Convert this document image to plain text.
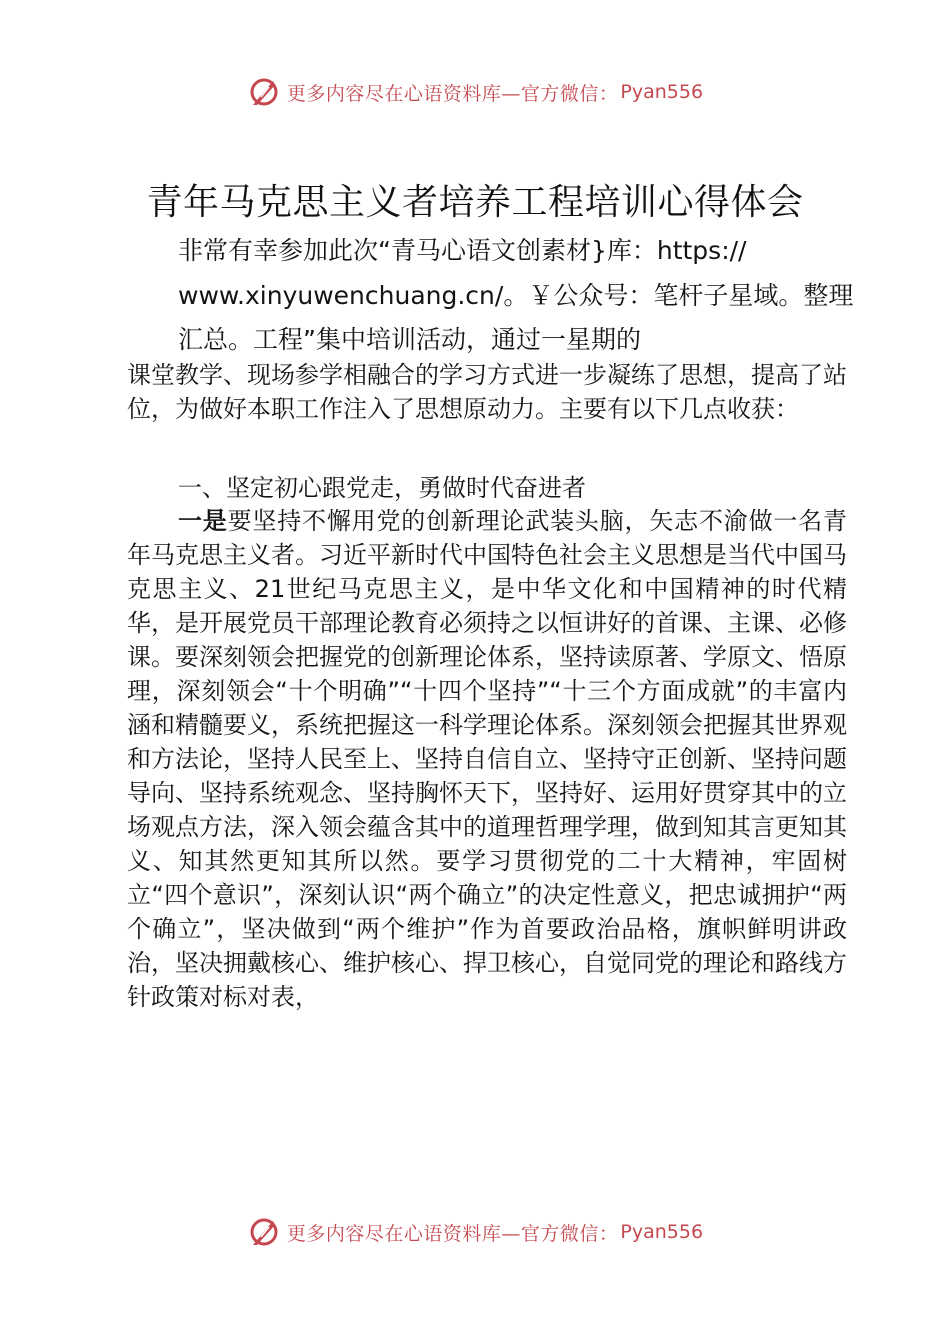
更多内容尽在心语资料库—官方微信： Pyan556
青年马克思主义者培养工程培训心得体会
非常有幸参加此次“青马心语文创素材}库：https://
www.xinyuwenchuang.cn/。￥公众号：笔杆子星域。整理
汇总。工程”集中培训活动，通过一星期的
课堂教学、现场参学相融合的学习方式进一步凝练了思想，提高了站位，为做好本职工作注入了思想原动力。主要有以下几点收获：
一、坚定初心跟党走，勇做时代奋进者
一是要坚持不懈用党的创新理论武装头脑，矢志不渝做一名青年马克思主义者。习近平新时代中国特色社会主义思想是当代中国马克思主义、21世纪马克思主义，是中华文化和中国精神的时代精华，是开展党员干部理论教育必须持之以恒讲好的首课、主课、必修课。要深刻领会把握党的创新理论体系，坚持读原著、学原文、悟原理，深刻领会“十个明确”“十四个坚持”“十三个方面成就”的丰富内涵和精髓要义，系统把握这一科学理论体系。深刻领会把握其世界观和方法论，坚持人民至上、坚持自信自立、坚持守正创新、坚持问题导向、坚持系统观念、坚持胸怀天下，坚持好、运用好贯穿其中的立场观点方法，深入领会蕴含其中的道理哲理学理，做到知其言更知其义、知其然更知其所以然。要学习贯彻党的二十大精神，牢固树立“四个意识”，深刻认识“两个确立”的决定性意义，把忠诚拥护“两个确立”，坚决做到“两个维护”作为首要政治品格，旗帜鲜明讲政治，坚决拥戴核心、维护核心、捍卫核心，自觉同党的理论和路线方针政策对标对表，
更多内容尽在心语资料库—官方微信： Pyan556
